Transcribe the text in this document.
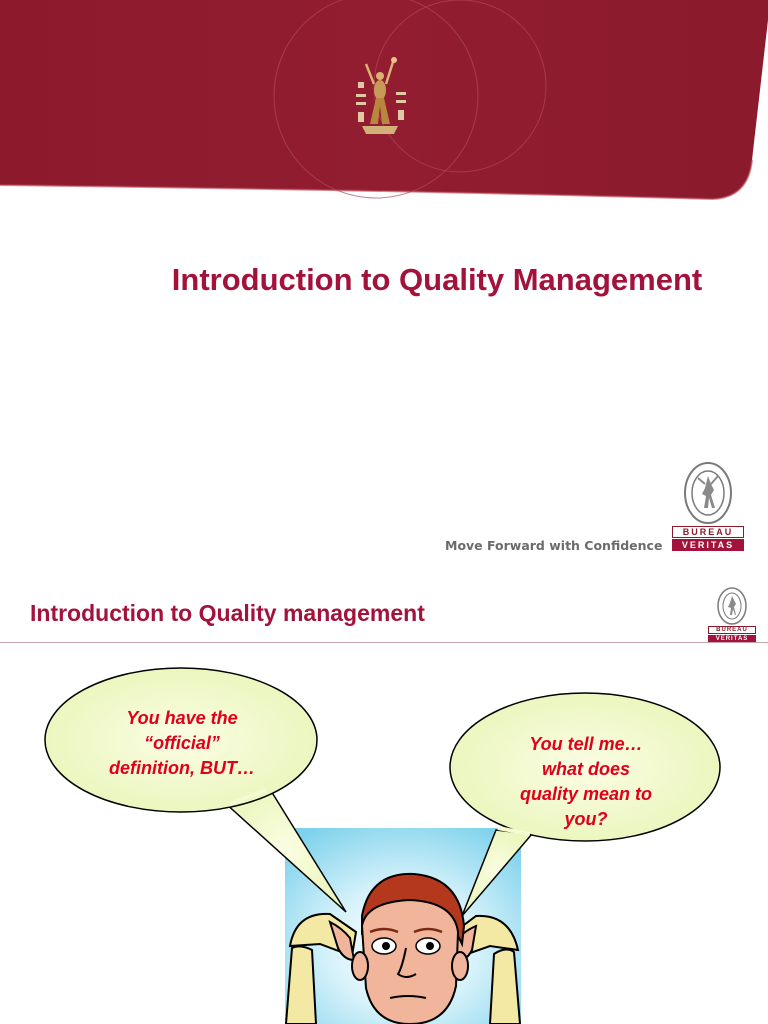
Introduction to Quality Management
Move Forward with Confidence
BUREAU
VERITAS
Introduction to Quality management
BUREAU
VERITAS
You have the
“official”
definition, BUT…
You tell me…
what does
quality mean to
you?
